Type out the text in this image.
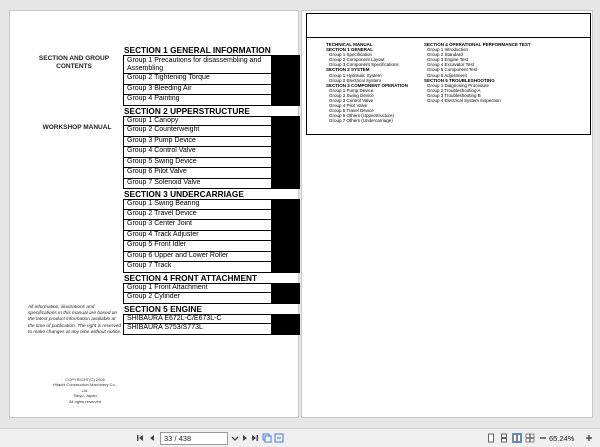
SECTION AND GROUP CONTENTS
WORKSHOP MANUAL
All information, illustrations and specifications in this manual are based on the latest product information available at the time of publication. The right is reserved to make changes at any time without notice.
COPYRIGHT(C) 2006
Hitachi Construction Machinery Co., Ltd.
Tokyo, Japan
All rights reserved
SECTION 1 GENERAL INFORMATION
Group 1 Precautions for disassembling and Assembling
Group 2 Tightening Torque
Group 3 Bleeding Air
Group 4 Painting
SECTION 2 UPPERSTRUCTURE
Group 1 Canopy
Group 2 Counterweight
Group 3 Pump Device
Group 4 Control Valve
Group 5 Swing Device
Group 6 Pilot Valve
Group 7 Solenoid Valve
SECTION 3 UNDERCARRIAGE
Group 1 Swing Bearing
Group 2 Travel Device
Group 3 Center Joint
Group 4 Track Adjuster
Group 5 Front Idler
Group 6 Upper and Lower Roller
Group 7 Track
SECTION 4 FRONT ATTACHMENT
Group 1 Front Attachment
Group 2 Cylinder
SECTION 5 ENGINE
SHIBAURA E672L-C/E673L-C
SHIBAURA S753/S773L
TECHNICAL MANUAL
SECTION 1 GENERAL
Group 1 Specification
Group 2 Component Layout
Group 3 Component Specifications
SECTION 2 SYSTEM
Group 1 Hydraulic System
Group 2 Electrical System
SECTION 3 COMPONENT OPERATION
Group 1 Pump Device
Group 2 Swing Device
Group 3 Control Valve
Group 4 Pilot Valve
Group 5 Travel Device
Group 6 Others (Upperstructure)
Group 7 Others (Undercarriage)
SECTION 4 OPERATIONAL PERFORMANCE TEST
Group 1 Introduction
Group 2 Standard
Group 3 Engine Test
Group 4 Excavator Test
Group 5 Component Test
Group 6 Adjustment
SECTION 5 TROUBLESHOOTING
Group 1 Diagnosing Procedure
Group 2 Troubleshooting A
Group 3 Troubleshooting B
Group 4 Electrical System Inspection
33 / 438	65.24%
